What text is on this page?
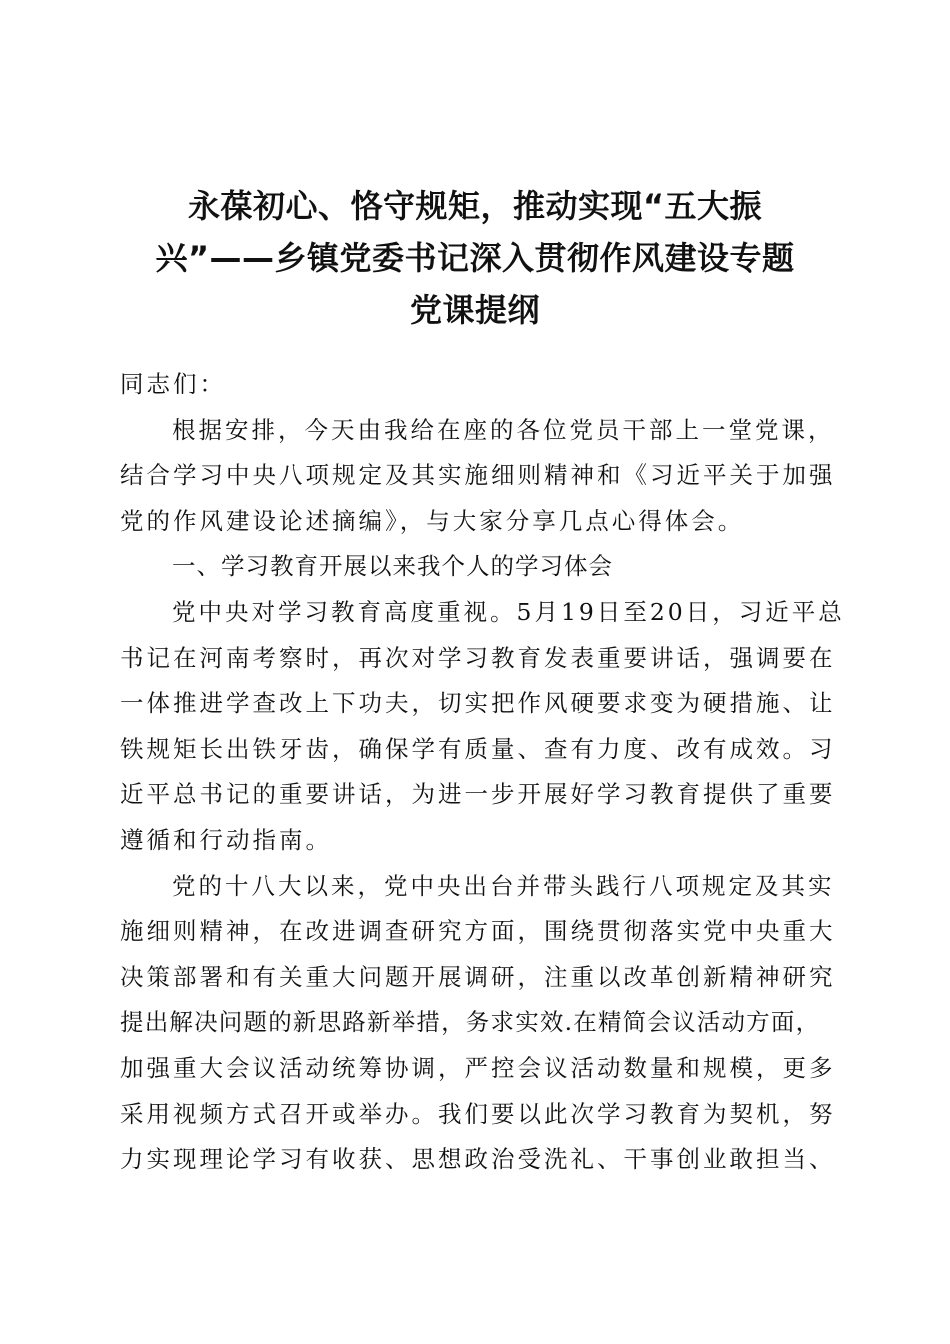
永葆初心、恪守规矩，推动实现“五大振
兴”——乡镇党委书记深入贯彻作风建设专题
党课提纲

同志们：

根据安排，今天由我给在座的各位党员干部上一堂党课，
结合学习中央八项规定及其实施细则精神和《习近平关于加强
党的作风建设论述摘编》，与大家分享几点心得体会。

一、学习教育开展以来我个人的学习体会

党中央对学习教育高度重视。5月19日至20日，习近平总
书记在河南考察时，再次对学习教育发表重要讲话，强调要在
一体推进学查改上下功夫，切实把作风硬要求变为硬措施、让
铁规矩长出铁牙齿，确保学有质量、查有力度、改有成效。习
近平总书记的重要讲话，为进一步开展好学习教育提供了重要
遵循和行动指南。

党的十八大以来，党中央出台并带头践行八项规定及其实
施细则精神，在改进调查研究方面，围绕贯彻落实党中央重大
决策部署和有关重大问题开展调研，注重以改革创新精神研究
提出解决问题的新思路新举措，务求实效.在精简会议活动方面，
加强重大会议活动统筹协调，严控会议活动数量和规模，更多
采用视频方式召开或举办。我们要以此次学习教育为契机，努
力实现理论学习有收获、思想政治受洗礼、干事创业敢担当、
